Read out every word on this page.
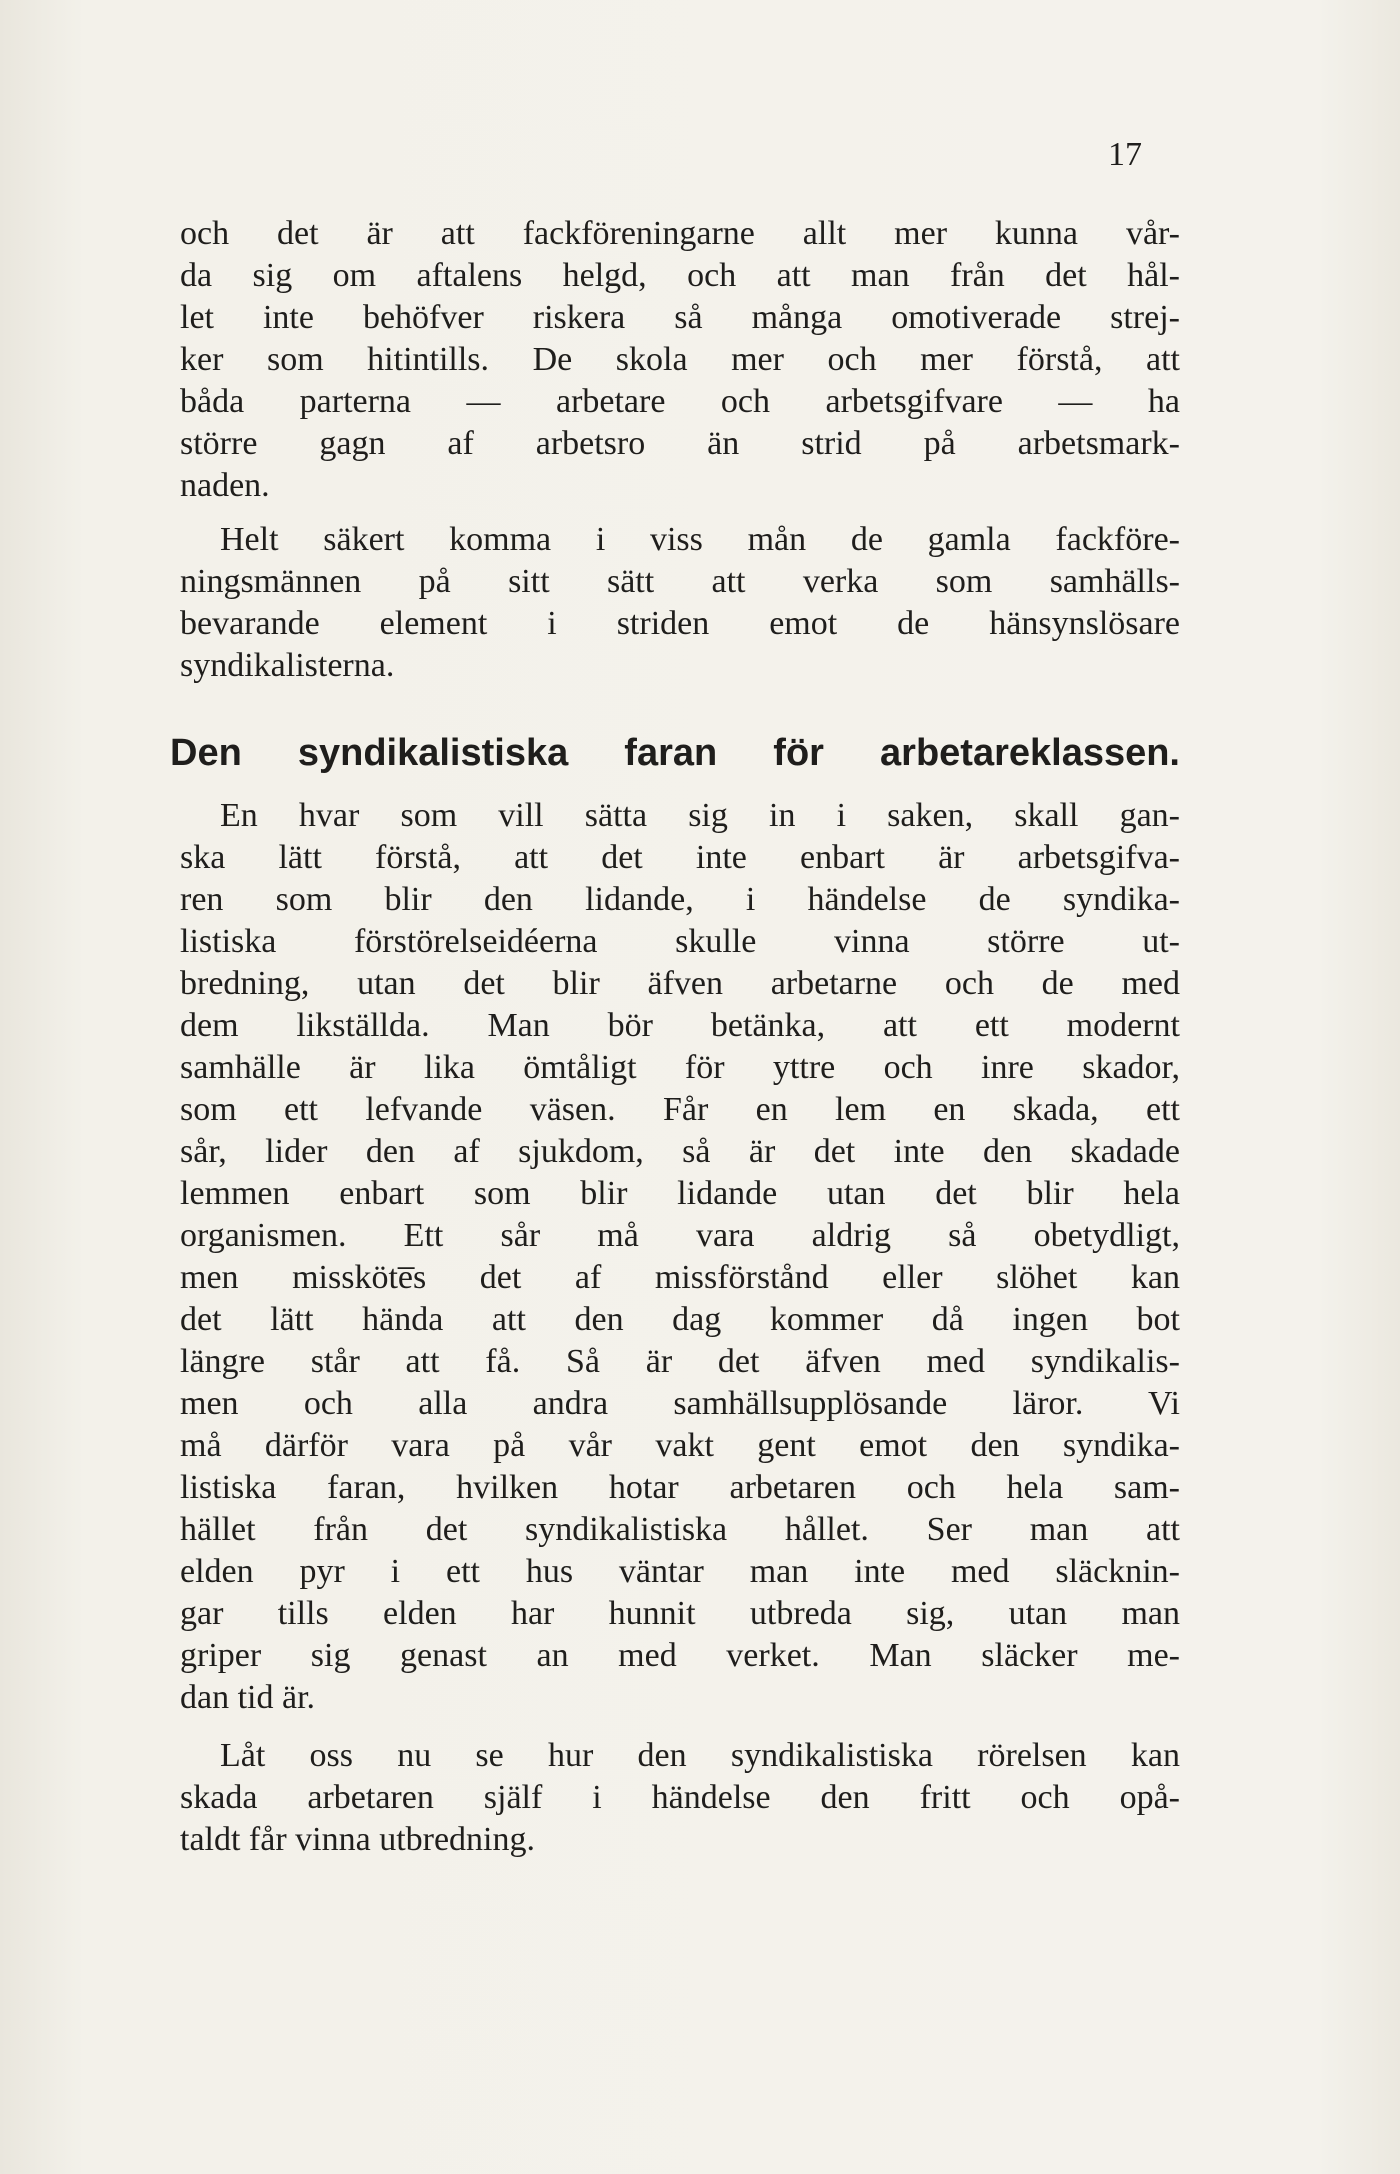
17
och det är att fackföreningarne allt mer kunna vår-
da sig om aftalens helgd, och att man från det hål-
let inte behöfver riskera så många omotiverade strej-
ker som hitintills. De skola mer och mer förstå, att
båda parterna — arbetare och arbetsgifvare — ha
större gagn af arbetsro än strid på arbetsmark-
naden.
Helt säkert komma i viss mån de gamla fackföre-
ningsmännen på sitt sätt att verka som samhälls-
bevarande element i striden emot de hänsynslösare
syndikalisterna.
Den syndikalistiska faran för arbetareklassen.
En hvar som vill sätta sig in i saken, skall gan-
ska lätt förstå, att det inte enbart är arbetsgifva-
ren som blir den lidande, i händelse de syndika-
listiska förstörelseidéerna skulle vinna större ut-
bredning, utan det blir äfven arbetarne och de med
dem likställda. Man bör betänka, att ett modernt
samhälle är lika ömtåligt för yttre och inre skador,
som ett lefvande väsen. Får en lem en skada, ett
sår, lider den af sjukdom, så är det inte den skadade
lemmen enbart som blir lidande utan det blir hela
organismen. Ett sår må vara aldrig så obetydligt,
men missköte̅s det af missförstånd eller slöhet kan
det lätt hända att den dag kommer då ingen bot
längre står att få. Så är det äfven med syndikalis-
men och alla andra samhällsupplösande läror. Vi
må därför vara på vår vakt gent emot den syndika-
listiska faran, hvilken hotar arbetaren och hela sam-
hället från det syndikalistiska hållet. Ser man att
elden pyr i ett hus väntar man inte med släcknin-
gar tills elden har hunnit utbreda sig, utan man
griper sig genast an med verket. Man släcker me-
dan tid är.
Låt oss nu se hur den syndikalistiska rörelsen kan
skada arbetaren själf i händelse den fritt och opå-
taldt får vinna utbredning.
